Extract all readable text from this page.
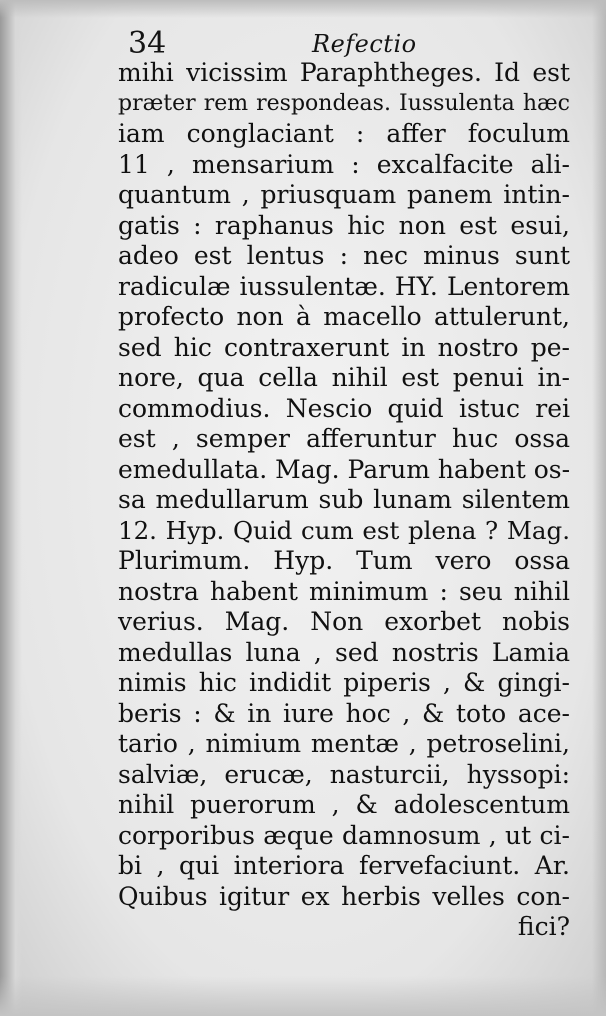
34	Refectio
mihi vicissim Paraphtheges. Id est
præter rem respondeas. Iussulenta hæc
iam conglaciant : affer foculum
11 , mensarium : excalfacite ali-
quantum , priusquam panem intin-
gatis : raphanus hic non est esui,
adeo est lentus : nec minus sunt
radiculæ iussulentæ. HY. Lentorem
profecto non à macello attulerunt,
sed hic contraxerunt in nostro pe-
nore, qua cella nihil est penui in-
commodius. Nescio quid istuc rei
est , semper afferuntur huc ossa
emedullata. Mag. Parum habent os-
sa medullarum sub lunam silentem
12. Hyp. Quid cum est plena ? Mag.
Plurimum. Hyp. Tum vero ossa
nostra habent minimum : seu nihil
verius. Mag. Non exorbet nobis
medullas luna , sed nostris Lamia
nimis hic indidit piperis , & gingi-
beris : & in iure hoc , & toto ace-
tario , nimium mentæ , petroselini,
salviæ, erucæ, nasturcii, hyssopi:
nihil puerorum , & adolescentum
corporibus æque damnosum , ut ci-
bi , qui interiora fervefaciunt. Ar.
Quibus igitur ex herbis velles con-
fici?
